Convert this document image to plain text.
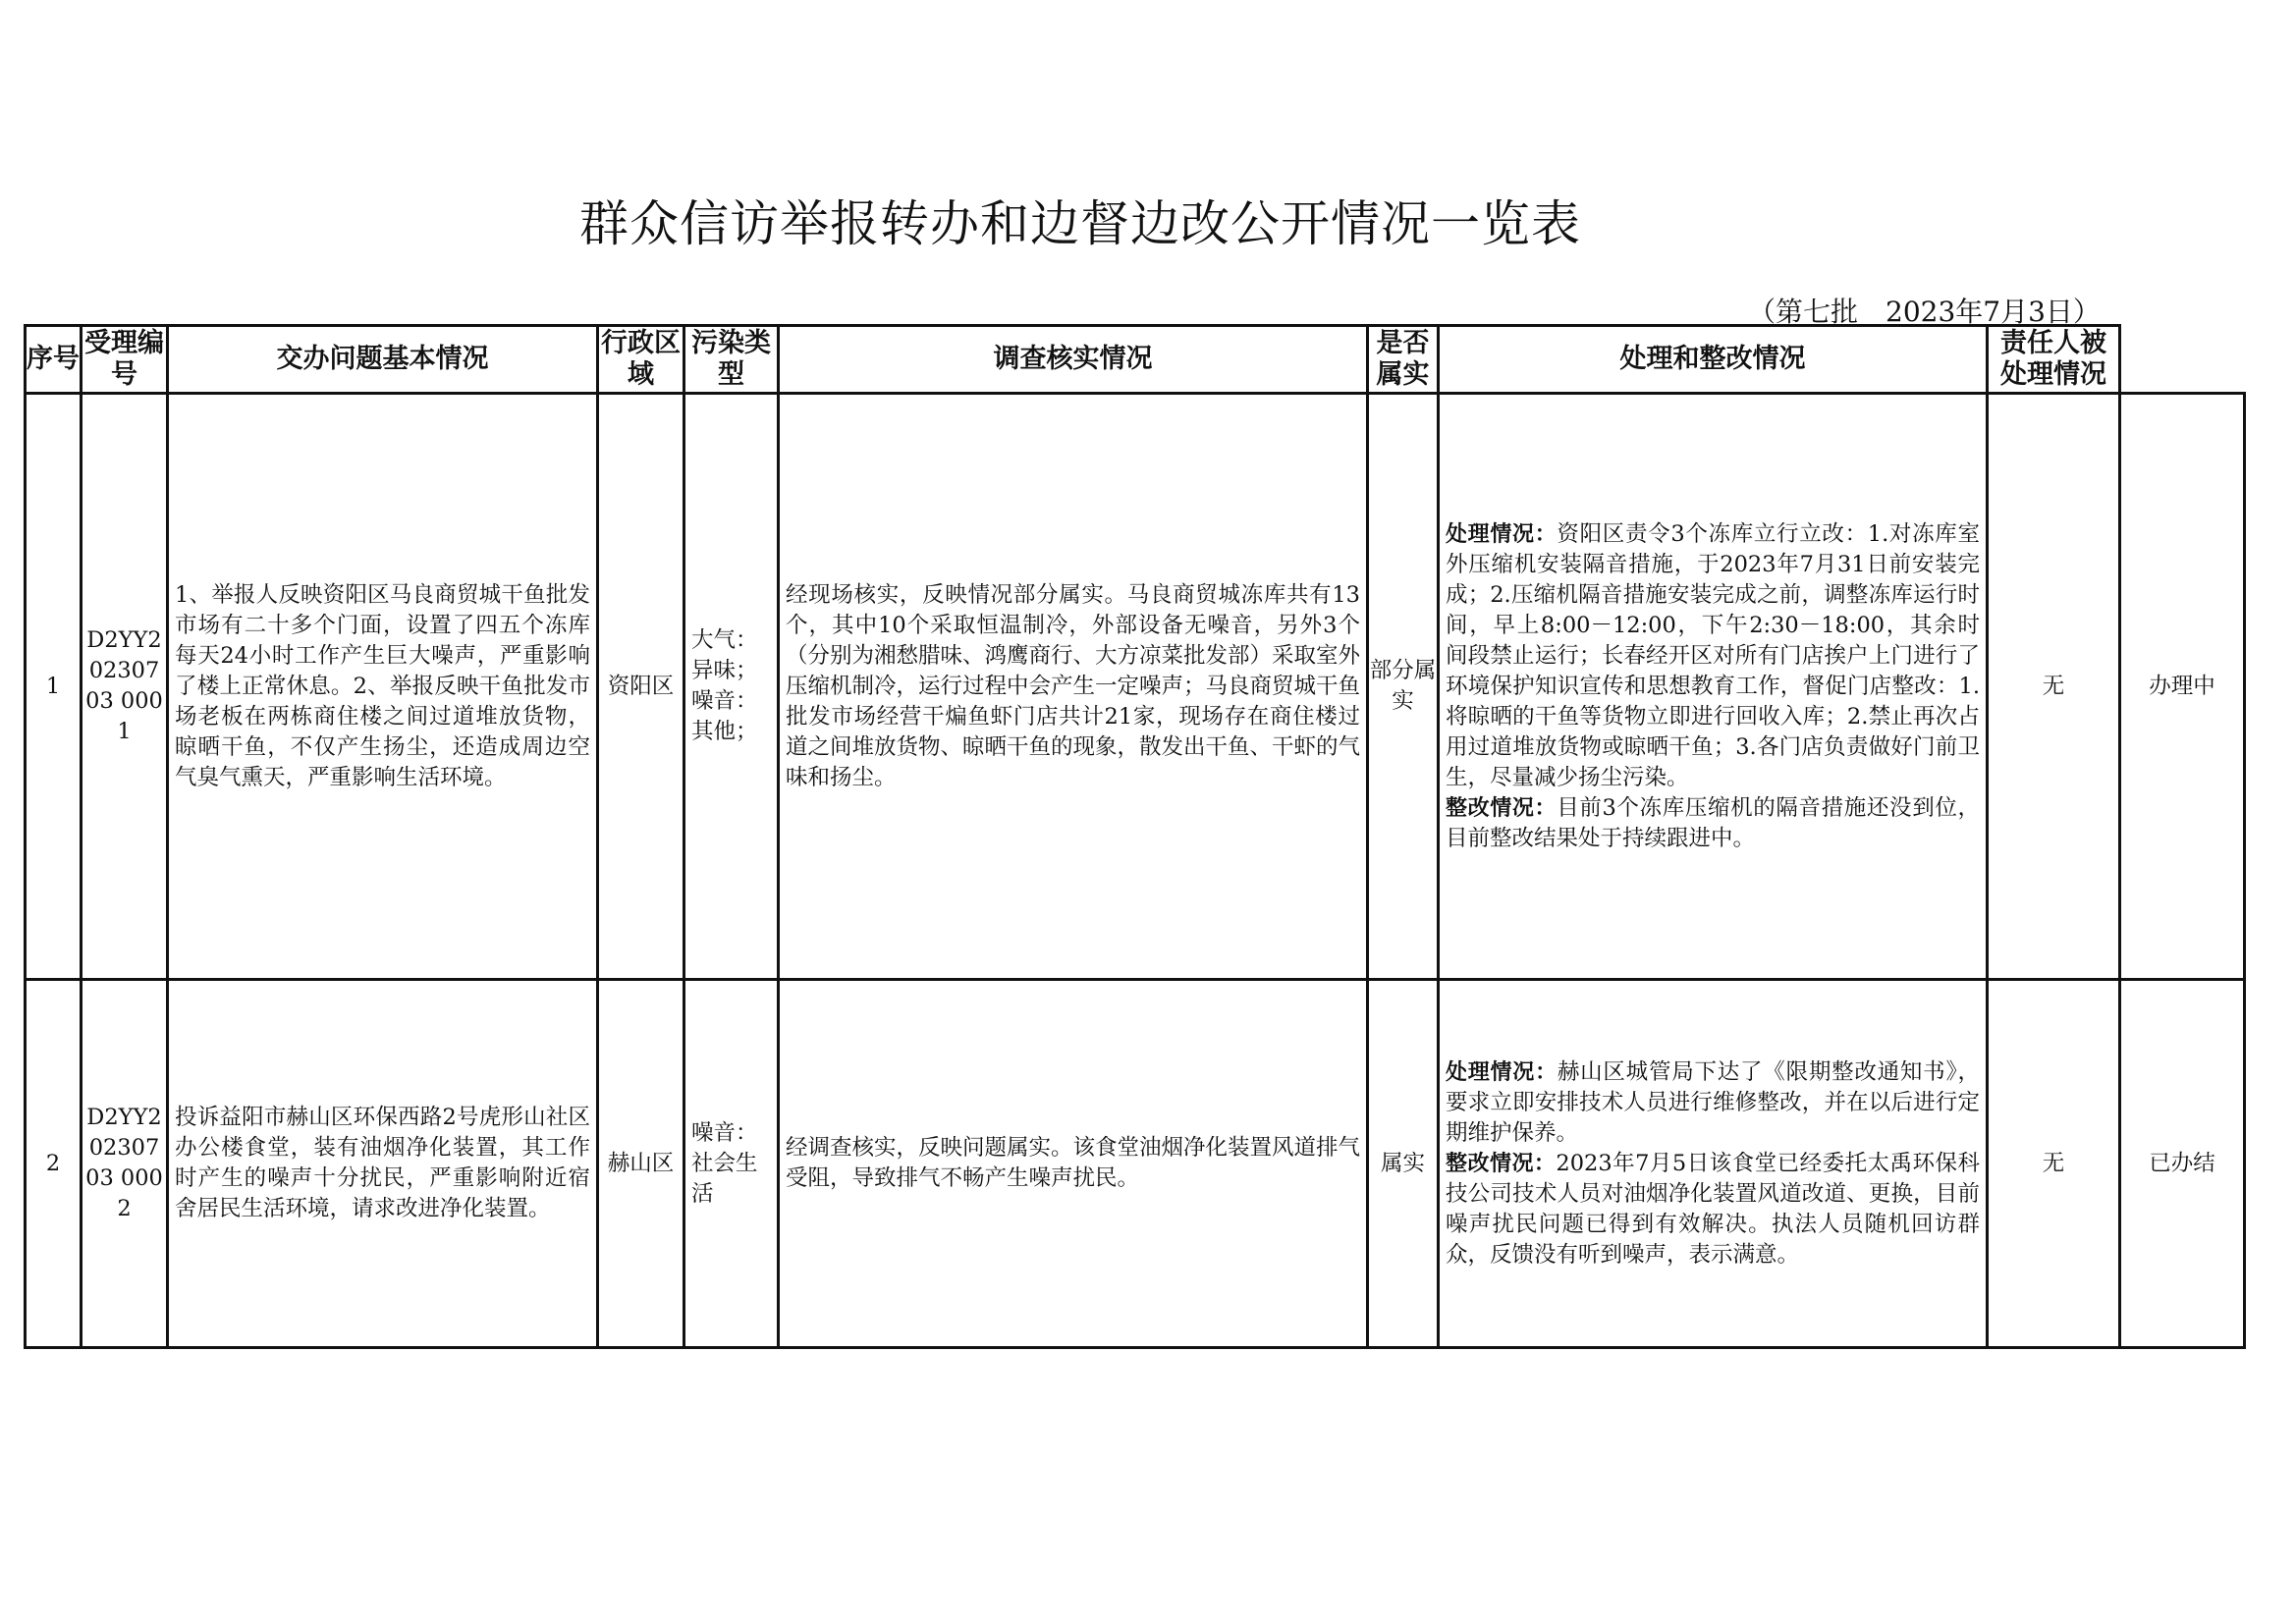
群众信访举报转办和边督边改公开情况一览表
（第七批　2023年7月3日）
序号	受理编号	交办问题基本情况	行政区域	污染类型	调查核实情况	是否属实	处理和整改情况	责任人被处理情况	
1	D2YY20230703 0001	1、举报人反映资阳区马良商贸城干鱼批发市场有二十多个门面，设置了四五个冻库每天24小时工作产生巨大噪声，严重影响了楼上正常休息。2、举报反映干鱼批发市场老板在两栋商住楼之间过道堆放货物，晾晒干鱼，不仅产生扬尘，还造成周边空气臭气熏天，严重影响生活环境。	资阳区	大气：异味；噪音：其他；	经现场核实，反映情况部分属实。马良商贸城冻库共有13个，其中10个采取恒温制冷，外部设备无噪音，另外3个（分别为湘愁腊味、鸿鹰商行、大方凉菜批发部）采取室外压缩机制冷，运行过程中会产生一定噪声；马良商贸城干鱼批发市场经营干煸鱼虾门店共计21家，现场存在商住楼过道之间堆放货物、晾晒干鱼的现象，散发出干鱼、干虾的气味和扬尘。	部分属实	处理情况：资阳区责令3个冻库立行立改：1.对冻库室外压缩机安装隔音措施，于2023年7月31日前安装完成；2.压缩机隔音措施安装完成之前，调整冻库运行时间，早上8:00－12:00，下午2:30－18:00，其余时间段禁止运行；长春经开区对所有门店挨户上门进行了环境保护知识宣传和思想教育工作，督促门店整改：1.将晾晒的干鱼等货物立即进行回收入库；2.禁止再次占用过道堆放货物或晾晒干鱼；3.各门店负责做好门前卫生，尽量减少扬尘污染。
整改情况：目前3个冻库压缩机的隔音措施还没到位，目前整改结果处于持续跟进中。	无	办理中
2	D2YY20230703 0002	投诉益阳市赫山区环保西路2号虎形山社区办公楼食堂，装有油烟净化装置，其工作时产生的噪声十分扰民，严重影响附近宿舍居民生活环境，请求改进净化装置。	赫山区	噪音：社会生活	经调查核实，反映问题属实。该食堂油烟净化装置风道排气受阻，导致排气不畅产生噪声扰民。	属实	处理情况：赫山区城管局下达了《限期整改通知书》，要求立即安排技术人员进行维修整改，并在以后进行定期维护保养。
整改情况：2023年7月5日该食堂已经委托太禹环保科技公司技术人员对油烟净化装置风道改道、更换，目前噪声扰民问题已得到有效解决。执法人员随机回访群众，反馈没有听到噪声，表示满意。	无	已办结
